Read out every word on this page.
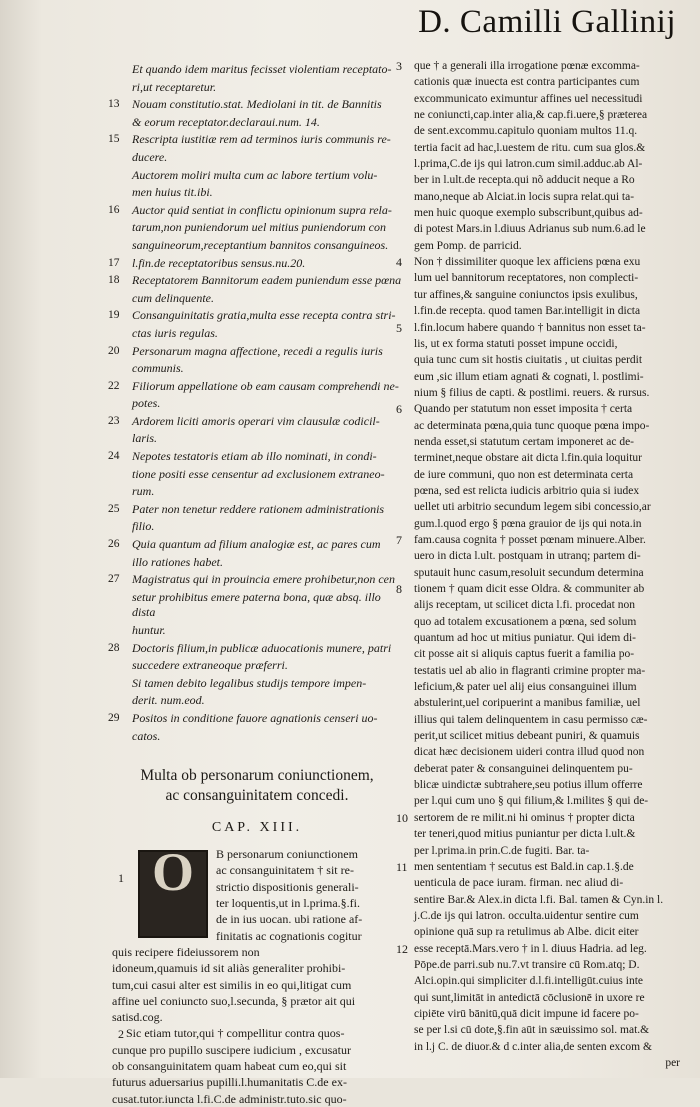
D. Camilli Gallinij
Et quando idem maritus fecisset violentiam receptato-
ri,ut receptaretur.
13 Nouam constitutio.stat. Mediolani in tit. de Bannitis
& eorum receptator.declaraui.num. 14.
15 Rescripta iustitiæ rem ad terminos iuris communis re-
ducere.
Auctorem moliri multa cum ac labore tertium volu-
men huius tit.ibi.
16 Auctor quid sentiat in conflictu opinionum supra rela-
tarum,non puniendorum uel mitius puniendorum con
sanguineorum,receptantium bannitos consanguineos.
17 l.fin.de receptatoribus sensus.nu.20.
18 Receptatorem Bannitorum eadem puniendum esse pœna
cum delinquente.
19 Consanguinitatis gratia,multa esse recepta contra stri-
ctas iuris regulas.
20 Personarum magna affectione, recedi a regulis iuris
communis.
22 Filiorum appellatione ob eam causam comprehendi ne-
potes.
23 Ardorem liciti amoris operari vim clausulæ codicil-
laris.
24 Nepotes testatoris etiam ab illo nominati, in condi-
tione positi esse censentur ad exclusionem extraneo-
rum.
25 Pater non tenetur reddere rationem administrationis
filio.
26 Quia quantum ad filium analogiæ est, ac pares cum
illo rationes habet.
27 Magistratus qui in prouincia emere prohibetur,non cen
setur prohibitus emere paterna bona, quæ absq. illo dista
huntur.
28 Doctoris filium,in publicæ aduocationis munere, patri
succedere extraneoque præferri.
Si tamen debito legalibus studijs tempore impen-
derit. num.eod.
29 Positos in conditione fauore agnationis censeri uo-
catos.
Multa ob personarum coniunctionem,
ac consanguinitatem concedi.
CAP. XIII.
1 O	B personarum coniunctionem
ac consanguinitatem † sit re-
strictio dispositionis generali-
ter loquentis,ut in l.prima.§.fi.
de in ius uocan. ubi ratione af-
finitatis ac cognationis cogitur
quis recipere fideiussorem non
idoneum,quamuis id sit aliàs generaliter prohibi-
tum,cui casui alter est similis in eo qui,litigat cum
affine uel coniuncto suo,l.secunda, § prætor ait qui
satisd.cog.
Sic etiam tutor,qui † compellitur contra quos-
cunque pro pupillo suscipere iudicium , excusatur
ob consanguinitatem quam habeat cum eo,qui sit
futurus aduersarius pupilli.l.humanitatis C.de ex-
cusat.tutor.iuncta l.fi.C.de administr.tuto.sic quo-
2
3 que † a generali illa irrogatione pœnæ excomma-
cationis quæ inuecta est contra participantes cum
excommunicato eximuntur affines uel necessitudi
ne coniuncti,cap.inter alia,& cap.fi.uere,§ præterea
de sent.excommu.capitulo quoniam multos 11.q.
tertia facit ad hac,l.uestem de ritu. cum sua glos.&
l.prima,C.de ijs qui latron.cum simil.adduc.ab Al-
ber in l.ult.de recepta.qui nõ adducit neque a Ro
mano,neque ab Alciat.in locis supra relat.qui ta-
men huic quoque exemplo subscribunt,quibus ad-
di potest Mars.in l.diuus Adrianus sub num.6.ad le
gem Pomp. de parricid.
4 Non † dissimiliter quoque lex afficiens pœna exu
lum uel bannitorum receptatores, non complecti-
tur affines,& sanguine coniunctos ipsis exulibus,
l.fin.de recepta. quod tamen Bar.intelligit in dicta
5 l.fin.locum habere quando † bannitus non esset ta-
lis, ut ex forma statuti posset impune occidi,
quia tunc cum sit hostis ciuitatis , ut ciuitas perdit
eum ,sic illum etiam agnati & cognati, l. postlimi-
nium § filius de capti. & postlimi. reuers. & rursus.
6 Quando per statutum non esset impositа † certa
ac determinata pœna,quia tunc quoque pœna impo-
nenda esset,si statutum certam imponeret ac de-
terminet,neque obstare ait dicta l.fin.quia loquitur
de iure communi, quo non est determinata certa
pœna, sed est relicta iudicis arbitrio quia si iudex
uellet uti arbitrio secundum legem sibi concessio,ar
gum.l.quod ergo § pœna grauior de ijs qui nota.in
7 fam.causa cognita † posset pœnam minuere.Alber.
uero in dicta l.ult. postquam in utranq; partem di-
sputauit hunc casum,resoluit secundum determina
8 tionem † quam dicit esse Oldra. & communiter ab
alijs receptam, ut scilicet dicta l.fi. procedat non
quo ad totalem excusationem a pœna, sed solum
quantum ad hoc ut mitius puniatur. Qui idem di-
cit posse ait si aliquis captus fuerit a familia po-
testatis uel ab alio in flagranti crimine propter ma-
leficium,& pater uel alij eius consanguinei illum
abstulerint,uel coripuerint a manibus familiæ, uel
illius qui talem delinquentem in casu permisso cæ-
perit,ut scilicet mitius debeant puniri, & quamuis
dicat hæc decisionem uideri contra illud quod non
deberat pater & consanguinei delinquentem pu-
blicæ uindictæ subtrahere,seu potius illum offerre
per l.qui cum uno § qui filium,& l.milites § qui de-
10 sertorem de re milit.ni hi ominus † propter dicta
ter teneri,quod mitius puniantur per dicta l.ult.&
per l.prima.in prin.C.de fugiti. Bar. ta-
11 men sententiam † secutus est Bald.in cap.1.§.de
uenticula de pace iuram. firman. nec aliud di-
sentire Bar.& Alex.in dicta l.fi. Bal. tamen & Cyn.in l.
j.C.de ijs qui latron. occulta.uidentur sentire cum
opinione quā sup ra retulimus ab Albe. dicit eiter
12 esse receptā.Mars.vero † in l. diuus Hadria. ad leg.
Pōpe.de parri.sub nu.7.vt transire cū Rom.atq; D.
Alci.opin.qui simpliciter d.l.fi.intelligūt.cuius inte
qui sunt,limitāt in antedictā cōclusionē in uxore re
cipiēte virū bānitū,quā dicit impune id facere po-
se per l.si cū dote,§.fin aūt in sæuissimo sol. mat.&
in l.j C. de diuor.& d c.inter alia,de senten excom &
per
